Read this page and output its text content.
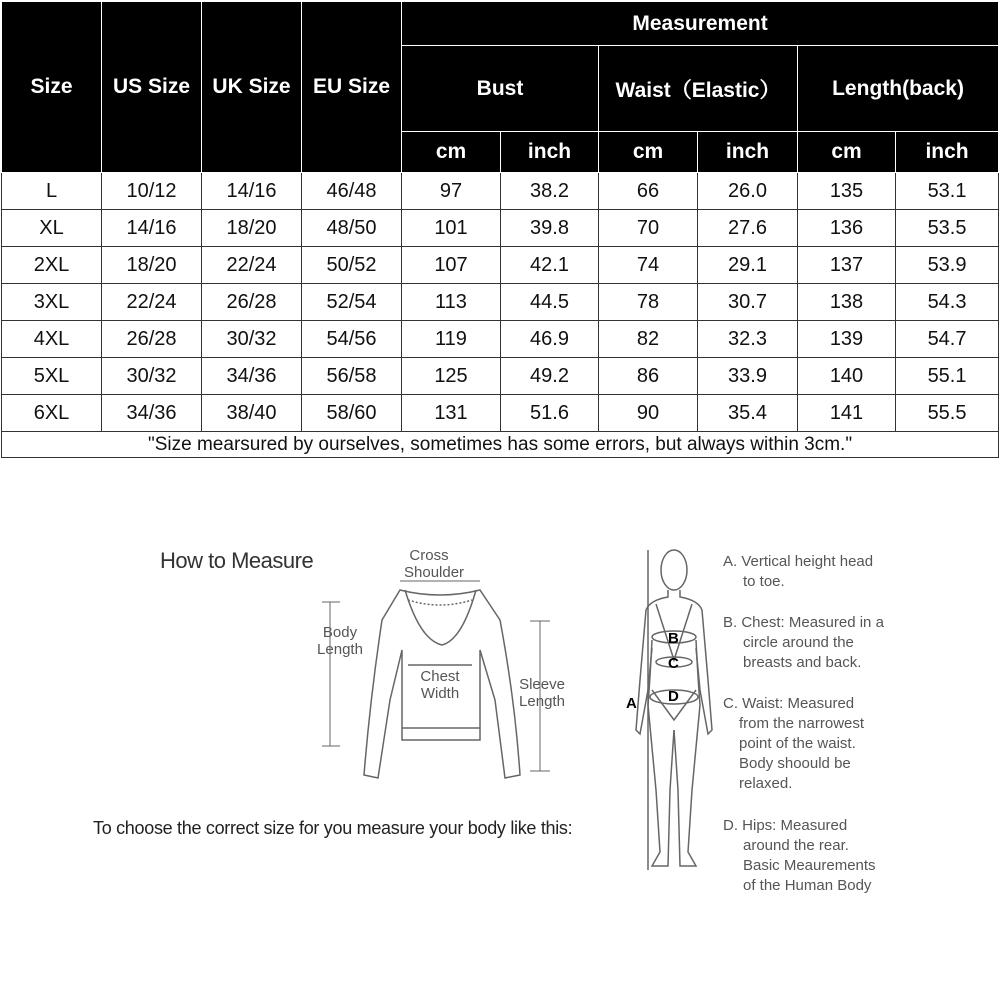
Size	US Size	UK Size	EU Size	Measurement					
				Bust		Waist（Elastic）		Length(back)	
				cm	inch	cm	inch	cm	inch
L	10/12	14/16	46/48	97	38.2	66	26.0	135	53.1
XL	14/16	18/20	48/50	101	39.8	70	27.6	136	53.5
2XL	18/20	22/24	50/52	107	42.1	74	29.1	137	53.9
3XL	22/24	26/28	52/54	113	44.5	78	30.7	138	54.3
4XL	26/28	30/32	54/56	119	46.9	82	32.3	139	54.7
5XL	30/32	34/36	56/58	125	49.2	86	33.9	140	55.1
6XL	34/36	38/40	58/60	131	51.6	90	35.4	141	55.5
"Size mearsured by ourselves, sometimes has some errors, but always within 3cm."									
How to Measure
To choose the correct size for you measure your body like this:
Cross
Shoulder
Body
Length
Chest
Width
Sleeve
Length
B
C
D
A
A. Vertical height head
to toe.
B. Chest: Measured in a
circle around the
breasts and back.
C. Waist: Measured
from the narrowest
point of the waist.
Body shoould be
relaxed.
D. Hips: Measured
around the rear.
Basic Meaurements
of the Human Body
